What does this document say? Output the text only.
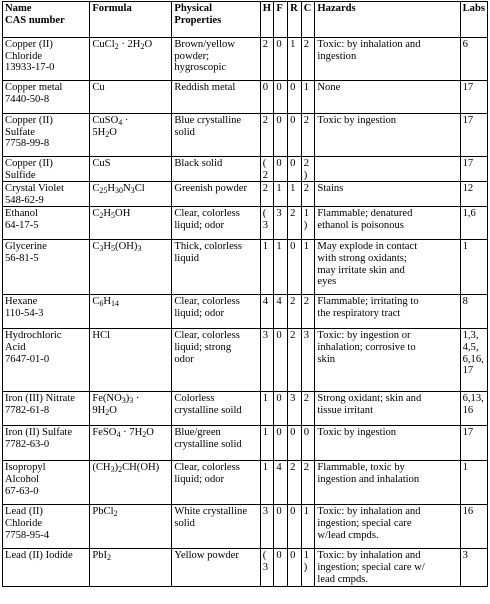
Name
CAS number	Formula	Physical
Properties	H	F	R	C	Hazards	Labs
Copper (II)
Chloride
13933-17-0	CuCl$_2$ · $2H_2O$	Brown/yellow
powder;
hygroscopic	2	0	1	2	Toxic: by inhalation and
ingestion	6
Copper metal
7440-50-8	Cu	Reddish metal	0	0	0	1	None	17
Copper (II)
Sulfate
7758-99-8	CuSO$_4$ ·
$5H_2O$	Blue crystalline
solid	2	0	0	2	Toxic by ingestion	17
Copper (II)
Sulfide	CuS	Black solid	(2	0	0	2)		17
Crystal Violet
548-62-9	$C_{25}H_{30}N_3Cl$	Greenish powder	2	1	1	2	Stains	12
Ethanol
64-17-5	$C_2H_5OH$	Clear, colorless
liquid; odor	(3	3	2	1)	Flammable; denatured
ethanol is poisonous	1,6
Glycerine
56-81-5	$C_3H_5(OH)_3$	Thick, colorless
liquid	1	1	0	1	May explode in contact
with strong oxidants;
may irritate skin and
eyes	1
Hexane
110-54-3	$C_6H_{14}$	Clear, colorless
liquid; odor	4	4	2	2	Flammable; irritating to
the respiratory tract	8
Hydrochloric
Acid
7647-01-0	HCl	Clear, colorless
liquid; strong
odor	3	0	2	3	Toxic: by ingestion or
inhalation; corrosive to
skin	1,3,
4,5,
6,16,
17
Iron (III) Nitrate
7782-61-8	$Fe(NO_3)_3$ ·
$9H_2O$	Colorless
crystalline soild	1	0	3	2	Strong oxidant; skin and
tissue irritant	6,13,
16
Iron (II) Sulfate
7782-63-0	FeSO$_4$ · $7H_2O$	Blue/green
crystalline solid	1	0	0	0	Toxic by ingestion	17
Isopropyl
Alcohol
67-63-0	$(CH_3)_2CH(OH)$	Clear, colorless
liquid; odor	1	4	2	2	Flammable, toxic by
ingestion and inhalation	1
Lead (II)
Chloride
7758-95-4	PbCl$_2$	White crystalline
solid	3	0	0	1	Toxic: by inhalation and
ingestion; special care
w/lead cmpds.	16
Lead (II) Iodide	PbI$_2$	Yellow powder	(3	0	0	1)	Toxic: by inhalation and
ingestion; special care w/
lead cmpds.	3
